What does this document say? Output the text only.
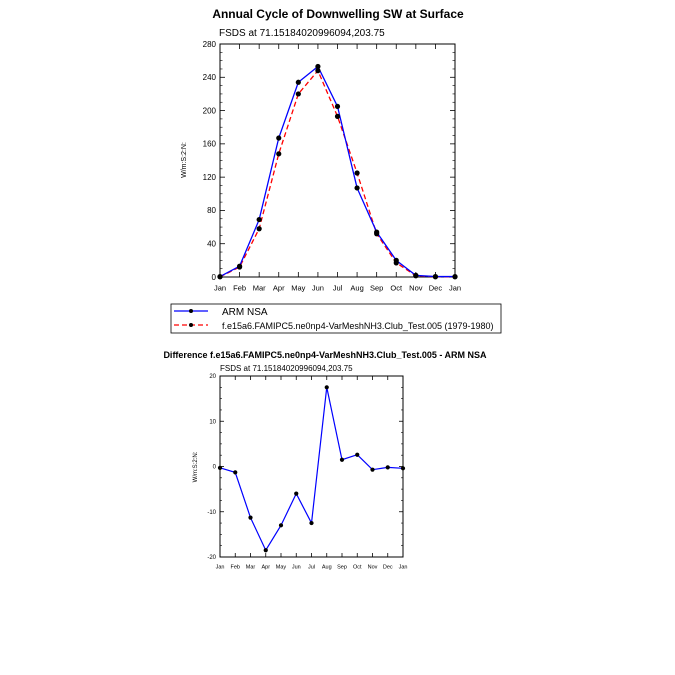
Annual Cycle of Downwelling SW at Surface
FSDS at 71.15184020996094,203.75
W/m:S:2:N:
0
40
80
120
160
200
240
280
Jan Feb Mar Apr May Jun Jul Aug Sep Oct Nov Dec Jan
ARM NSA
f.e15a6.FAMIPC5.ne0np4-VarMeshNH3.Club_Test.005 (1979-1980)
Difference f.e15a6.FAMIPC5.ne0np4-VarMeshNH3.Club_Test.005 - ARM NSA
FSDS at 71.15184020996094,203.75
W/m:S:2:N:
-20
-10
0
10
20
Jan Feb Mar Apr May Jun Jul Aug Sep Oct Nov Dec Jan
